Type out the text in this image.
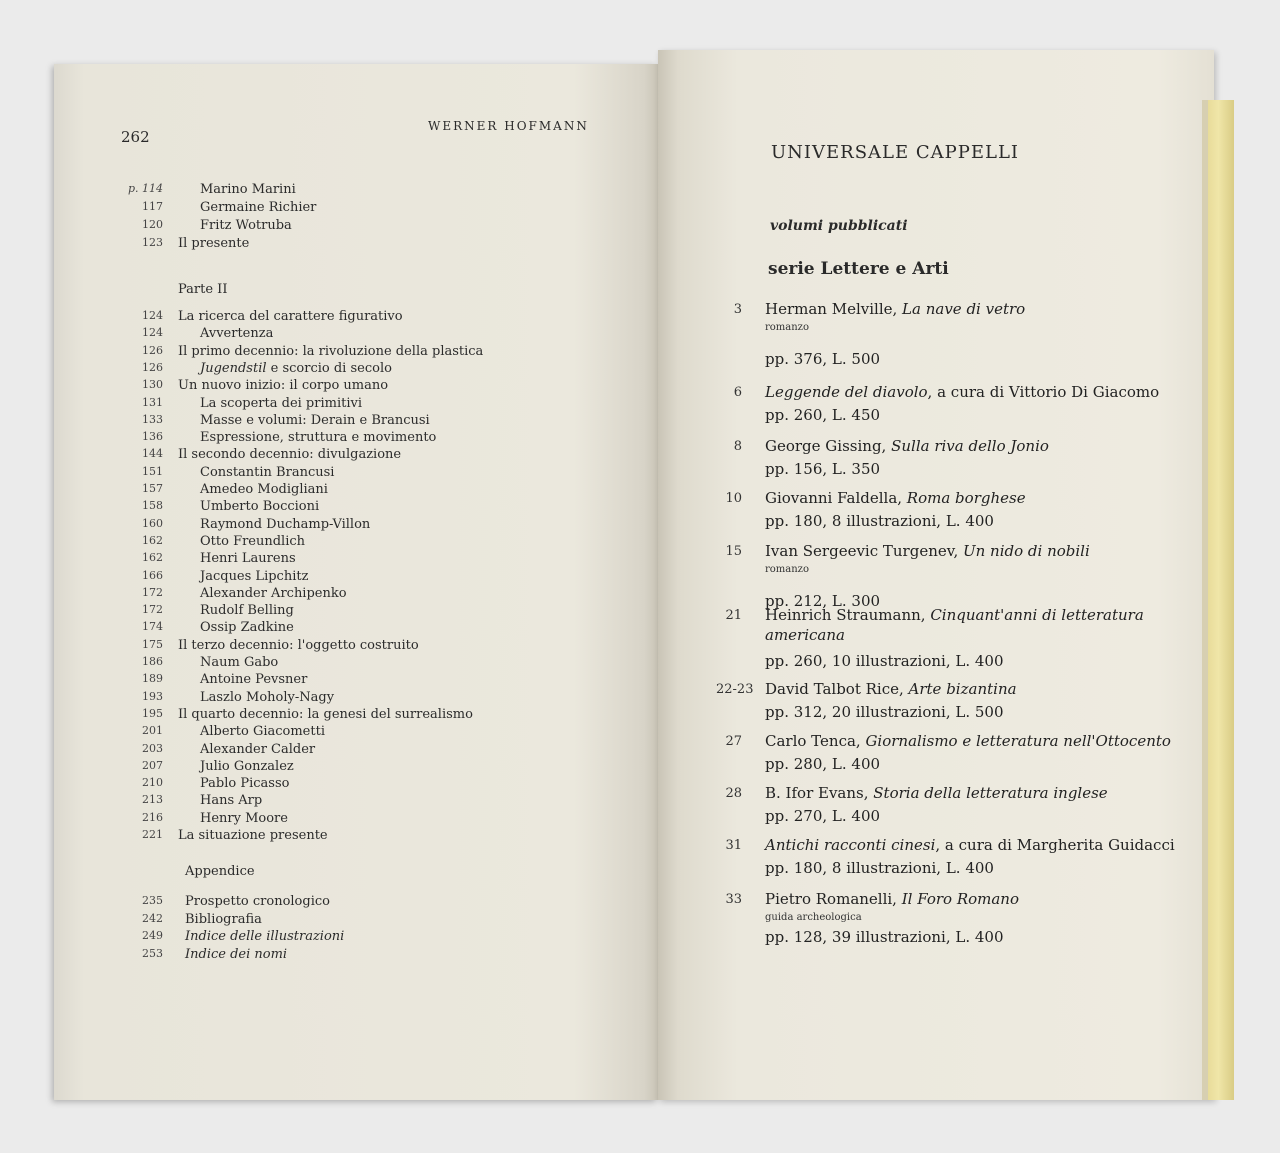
p. 114	Marino Marini
117	Germaine Richier
120	Fritz Wotruba
123 Il presente
124 La ricerca del carattere figurativo
124	Avvertenza
126 Il primo decennio: la rivoluzione della plastica
126	Jugendstil e scorcio di secolo
130 Un nuovo inizio: il corpo umano
131	La scoperta dei primitivi
133	Masse e volumi: Derain e Brancusi
136	Espressione, struttura e movimento
144 Il secondo decennio: divulgazione
151	Constantin Brancusi
157	Amedeo Modigliani
158	Umberto Boccioni
160	Raymond Duchamp-Villon
162	Otto Freundlich
162	Henri Laurens
166	Jacques Lipchitz
172	Alexander Archipenko
172	Rudolf Belling
174	Ossip Zadkine
175 Il terzo decennio: l'oggetto costruito
186	Naum Gabo
189	Antoine Pevsner
193	Laszlo Moholy-Nagy
195 Il quarto decennio: la genesi del surrealismo
201	Alberto Giacometti
203	Alexander Calder
207	Julio Gonzalez
210	Pablo Picasso
213	Hans Arp
216	Henry Moore
221 La situazione presente
235 Prospetto cronologico
242 Bibliografia
249 Indice delle illustrazioni
253 Indice dei nomi
3 Herman Melville, La nave di vetro
romanzo
pp. 376, L. 500
6 Leggende del diavolo, a cura di Vittorio Di Giacomo
pp. 260, L. 450
8 George Gissing, Sulla riva dello Jonio
pp. 156, L. 350
10 Giovanni Faldella, Roma borghese
pp. 180, 8 illustrazioni, L. 400
15 Ivan Sergeevic Turgenev, Un nido di nobili
romanzo
pp. 212, L. 300
21 Heinrich Straumann, Cinquant'anni di letteratura
americana
pp. 260, 10 illustrazioni, L. 400
22-23 David Talbot Rice, Arte bizantina
pp. 312, 20 illustrazioni, L. 500
27 Carlo Tenca, Giornalismo e letteratura nell'Ottocento
pp. 280, L. 400
28 B. Ifor Evans, Storia della letteratura inglese
pp. 270, L. 400
31 Antichi racconti cinesi, a cura di Margherita Guidacci
pp. 180, 8 illustrazioni, L. 400
33 Pietro Romanelli, Il Foro Romano
guida archeologica
pp. 128, 39 illustrazioni, L. 400
262
WERNER HOFMANN
Parte II
Appendice
UNIVERSALE CAPPELLI
volumi pubblicati
serie Lettere e Arti
